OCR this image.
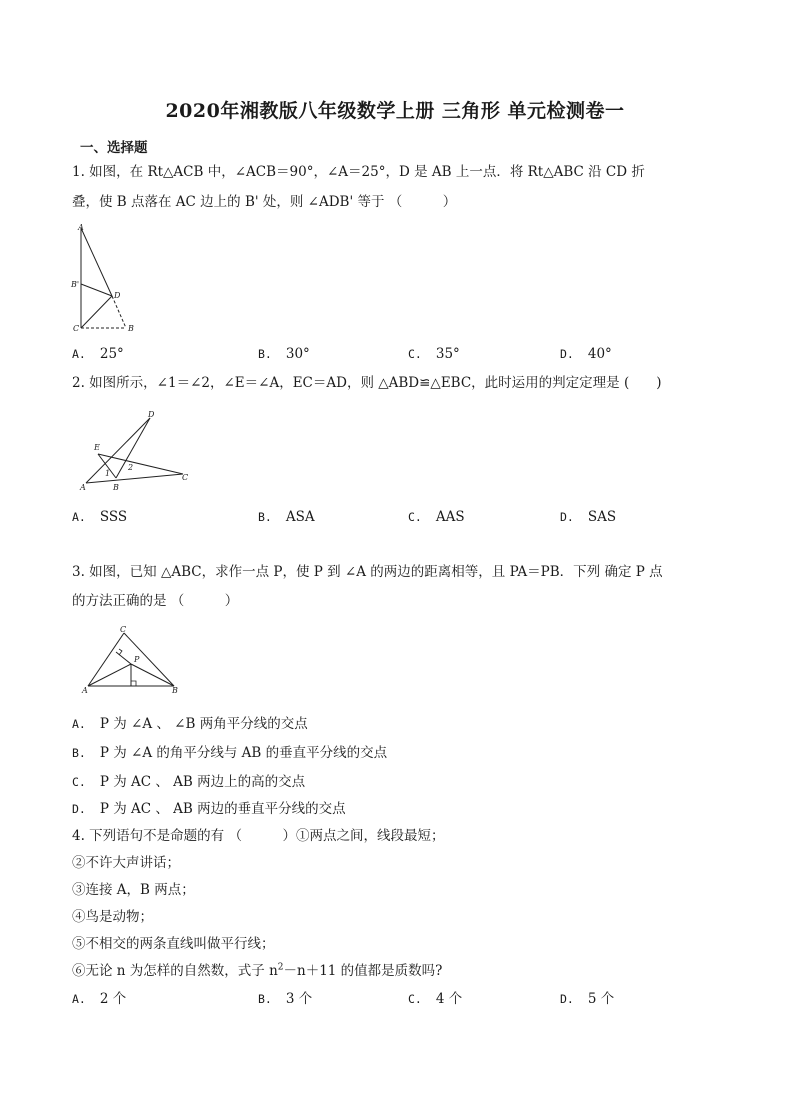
2020年湘教版八年级数学上册 三角形 单元检测卷一
一、选择题
1. 如图，在 Rt△ACB 中，∠ACB＝90°，∠A＝25°，D 是 AB 上一点．将 Rt△ABC 沿 CD 折
叠，使 B 点落在 AC 边上的 B' 处，则 ∠ADB' 等于 （　　　）
A
B'
D
C	B
A. 25°	B. 30°	C. 35°	D. 40°
2. 如图所示，∠1＝∠2，∠E＝∠A，EC＝AD，则 △ABD≌△EBC，此时运用的判定定理是 (　　)
D
E
1
2
A	B
C
A. SSS	B. ASA	C. AAS	D. SAS
3. 如图，已知 △ABC，求作一点 P，使 P 到 ∠A 的两边的距离相等，且 PA＝PB．下列 确定 P 点
的方法正确的是 （　　　）
C
P
A	B
A. P 为 ∠A 、 ∠B 两角平分线的交点
B. P 为 ∠A 的角平分线与 AB 的垂直平分线的交点
C. P 为 AC 、 AB 两边上的高的交点
D. P 为 AC 、 AB 两边的垂直平分线的交点
4. 下列语句不是命题的有 （　　　）①两点之间，线段最短；
②不许大声讲话；
③连接 A，B 两点；
④鸟是动物；
⑤不相交的两条直线叫做平行线；
⑥无论 n 为怎样的自然数，式子 $n^2-n+11$ 的值都是质数吗?
A. 2 个	B. 3 个	C. 4 个	D. 5 个
